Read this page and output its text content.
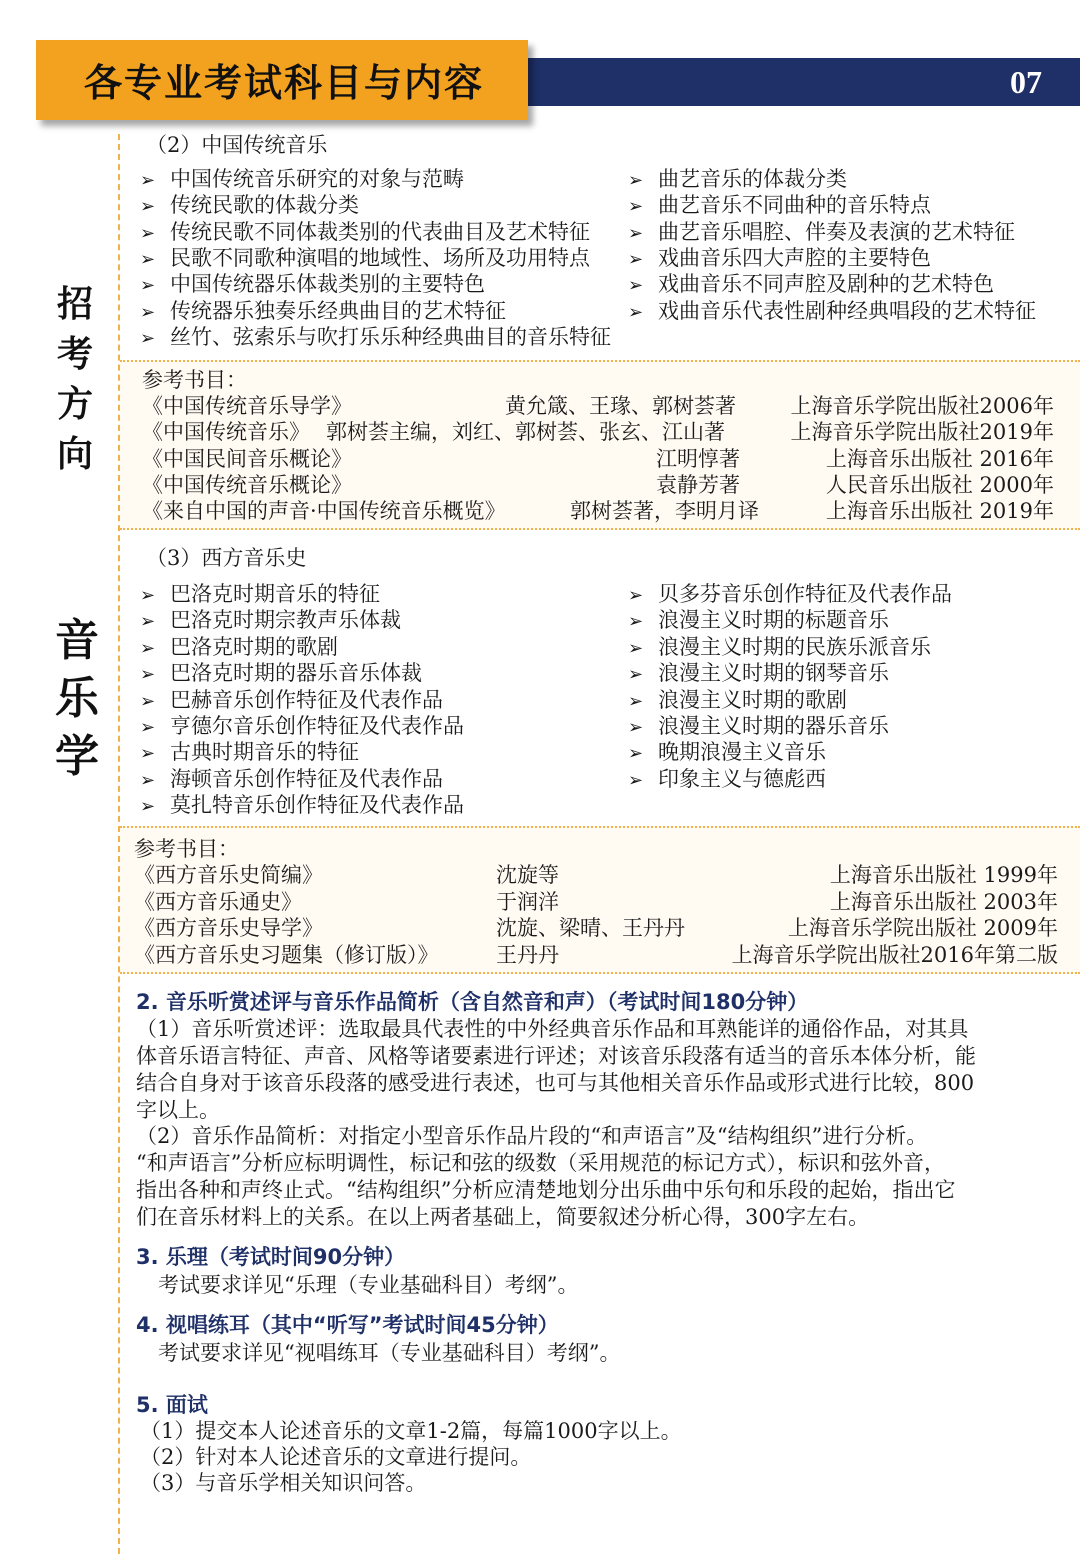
07
各专业考试科目与内容
招
考
方
向
音
乐
学
（2）中国传统音乐
➢ 中国传统音乐研究的对象与范畴
➢ 传统民歌的体裁分类
➢ 传统民歌不同体裁类别的代表曲目及艺术特征
➢ 民歌不同歌种演唱的地域性、场所及功用特点
➢ 中国传统器乐体裁类别的主要特色
➢ 传统器乐独奏乐经典曲目的艺术特征
➢ 丝竹、弦索乐与吹打乐乐种经典曲目的音乐特征
➢ 曲艺音乐的体裁分类
➢ 曲艺音乐不同曲种的音乐特点
➢ 曲艺音乐唱腔、伴奏及表演的艺术特征
➢ 戏曲音乐四大声腔的主要特色
➢ 戏曲音乐不同声腔及剧种的艺术特色
➢ 戏曲音乐代表性剧种经典唱段的艺术特征
参考书目：
《中国传统音乐导学》	黄允箴、王瑑、郭树荟著	上海音乐学院出版社2006年
《中国传统音乐》 郭树荟主编，刘红、郭树荟、张玄、江山著	上海音乐学院出版社2019年
《中国民间音乐概论》	江明惇著	上海音乐出版社 2016年
《中国传统音乐概论》	袁静芳著	人民音乐出版社 2000年
《来自中国的声音·中国传统音乐概览》	郭树荟著，李明月译	上海音乐出版社 2019年
（3）西方音乐史
➢ 巴洛克时期音乐的特征
➢ 巴洛克时期宗教声乐体裁
➢ 巴洛克时期的歌剧
➢ 巴洛克时期的器乐音乐体裁
➢ 巴赫音乐创作特征及代表作品
➢ 亨德尔音乐创作特征及代表作品
➢ 古典时期音乐的特征
➢ 海顿音乐创作特征及代表作品
➢ 莫扎特音乐创作特征及代表作品
➢ 贝多芬音乐创作特征及代表作品
➢ 浪漫主义时期的标题音乐
➢ 浪漫主义时期的民族乐派音乐
➢ 浪漫主义时期的钢琴音乐
➢ 浪漫主义时期的歌剧
➢ 浪漫主义时期的器乐音乐
➢ 晚期浪漫主义音乐
➢ 印象主义与德彪西
参考书目：
《西方音乐史简编》	沈旋等	上海音乐出版社 1999年
《西方音乐通史》	于润洋	上海音乐出版社 2003年
《西方音乐史导学》	沈旋、梁晴、王丹丹	上海音乐学院出版社 2009年
《西方音乐史习题集（修订版）》	王丹丹	上海音乐学院出版社2016年第二版
2. 音乐听赏述评与音乐作品简析（含自然音和声）（考试时间180分钟）
（1）音乐听赏述评：选取最具代表性的中外经典音乐作品和耳熟能详的通俗作品，对其具
体音乐语言特征、声音、风格等诸要素进行评述；对该音乐段落有适当的音乐本体分析，能
结合自身对于该音乐段落的感受进行表述，也可与其他相关音乐作品或形式进行比较，800
字以上。
（2）音乐作品简析：对指定小型音乐作品片段的“和声语言”及“结构组织”进行分析。
“和声语言”分析应标明调性，标记和弦的级数（采用规范的标记方式），标识和弦外音，
指出各种和声终止式。“结构组织”分析应清楚地划分出乐曲中乐句和乐段的起始，指出它
们在音乐材料上的关系。在以上两者基础上，简要叙述分析心得，300字左右。
3. 乐理（考试时间90分钟）
考试要求详见“乐理（专业基础科目）考纲”。
4. 视唱练耳（其中“听写”考试时间45分钟）
考试要求详见“视唱练耳（专业基础科目）考纲”。
5. 面试
（1）提交本人论述音乐的文章1-2篇，每篇1000字以上。
（2）针对本人论述音乐的文章进行提问。
（3）与音乐学相关知识问答。
